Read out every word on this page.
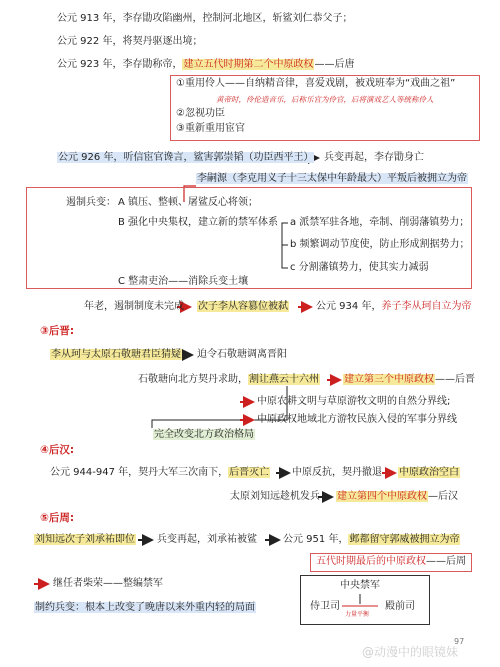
公元 913 年，李存勖攻陷幽州，控制河北地区，斩鲨刘仁恭父子；
公元 922 年，将契丹驱逐出境；
公元 923 年，李存勖称帝，建立五代时期第二个中原政权——后唐
①重用伶人——自纳精音律，喜爱戏剧，被戏班奉为“戏曲之祖”
黄帝时，伶伦造音乐，后称乐官为伶官，后将演戏艺人等统称伶人
②忽视功臣
③重新重用宦官
公元 926 年，听信宦官谗言，鲨害郭崇韬（功臣西平王） 兵变再起，李存勖身亡
李嗣源（李克用义子十三太保中年龄最大）平叛后被拥立为帝
遏制兵变： A 镇压、整顿、屠鲨反心将领；
B 强化中央集权，建立新的禁军体系 a 派禁军驻各地，牵制、削弱藩镇势力；
b 频繁调动节度使，防止形成割据势力；
c 分割藩镇势力，使其实力减弱
C 整肃吏治——消除兵变土壤
年老，遏制制度未完成 次子李从容篡位被弑	公元 934 年，养子李从珂自立为帝
③后晋:
李从珂与太原石敬瑭君臣猜疑 迫令石敬瑭调离晋阳
石敬瑭向北方契丹求助，割让燕云十六州	建立第三个中原政权——后晋
中原农耕文明与草原游牧文明的自然分界线;
中原政权地域北方游牧民族入侵的军事分界线
完全改变北方政治格局
④后汉:
公元 944-947 年，契丹大军三次南下，后晋灭亡 中原反抗，契丹撤退 中原政治空白
太原刘知远趁机发兵 建立第四个中原政权—后汉
⑤后周:
刘知远次子刘承祐即位 兵变再起，刘承祐被鲨	公元 951 年，邺都留守郭威被拥立为帝
五代时期最后的中原政权——后周
继任者柴荣——整编禁军
制约兵变：根本上改变了晚唐以来外重内轻的局面
中央禁军
侍卫司
力量平衡
殿前司
97
@动漫中的眼镜妹
